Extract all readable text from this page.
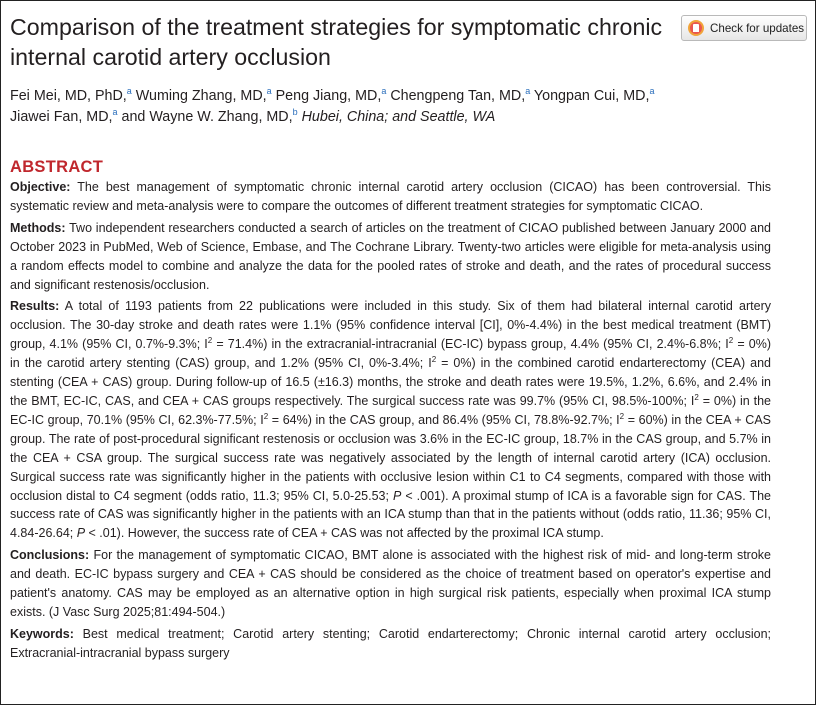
Comparison of the treatment strategies for symptomatic chronic internal carotid artery occlusion
Check for updates
Fei Mei, MD, PhD,$^a$ Wuming Zhang, MD,$^a$ Peng Jiang, MD,$^a$ Chengpeng Tan, MD,$^a$ Yongpan Cui, MD,$^a$
Jiawei Fan, MD,$^a$ and Wayne W. Zhang, MD,$^b$ Hubei, China; and Seattle, WA
ABSTRACT

Objective: The best management of symptomatic chronic internal carotid artery occlusion (CICAO) has been controversial. This systematic review and meta-analysis were to compare the outcomes of different treatment strategies for symptomatic CICAO.

Methods: Two independent researchers conducted a search of articles on the treatment of CICAO published between January 2000 and October 2023 in PubMed, Web of Science, Embase, and The Cochrane Library. Twenty-two articles were eligible for meta-analysis using a random effects model to combine and analyze the data for the pooled rates of stroke and death, and the rates of procedural success and significant restenosis/occlusion.

Results: A total of 1193 patients from 22 publications were included in this study. Six of them had bilateral internal carotid artery occlusion. The 30-day stroke and death rates were 1.1% (95% confidence interval [CI], 0%-4.4%) in the best medical treatment (BMT) group, 4.1% (95% CI, 0.7%-9.3%; $I^2 = 71.4\%$) in the extracranial-intracranial (EC-IC) bypass group, 4.4% (95% CI, 2.4%-6.8%; $I^2 = 0\%$) in the carotid artery stenting (CAS) group, and 1.2% (95% CI, 0%-3.4%; $I^2 = 0\%$) in the combined carotid endarterectomy (CEA) and stenting (CEA + CAS) group. During follow-up of 16.5 (±16.3) months, the stroke and death rates were 19.5%, 1.2%, 6.6%, and 2.4% in the BMT, EC-IC, CAS, and CEA + CAS groups respectively. The surgical success rate was 99.7% (95% CI, 98.5%-100%; $I^2 = 0\%$) in the EC-IC group, 70.1% (95% CI, 62.3%-77.5%; $I^2 = 64\%$) in the CAS group, and 86.4% (95% CI, 78.8%-92.7%; $I^2 = 60\%$) in the CEA + CAS group. The rate of post-procedural significant restenosis or occlusion was 3.6% in the EC-IC group, 18.7% in the CAS group, and 5.7% in the CEA + CSA group. The surgical success rate was negatively associated by the length of internal carotid artery (ICA) occlusion. Surgical success rate was significantly higher in the patients with occlusive lesion within C1 to C4 segments, compared with those with occlusion distal to C4 segment (odds ratio, 11.3; 95% CI, 5.0-25.53; P < .001). A proximal stump of ICA is a favorable sign for CAS. The success rate of CAS was significantly higher in the patients with an ICA stump than that in the patients without (odds ratio, 11.36; 95% CI, 4.84-26.64; P < .01). However, the success rate of CEA + CAS was not affected by the proximal ICA stump.

Conclusions: For the management of symptomatic CICAO, BMT alone is associated with the highest risk of mid- and long-term stroke and death. EC-IC bypass surgery and CEA + CAS should be considered as the choice of treatment based on operator's expertise and patient's anatomy. CAS may be employed as an alternative option in high surgical risk patients, especially when proximal ICA stump exists. (J Vasc Surg 2025;81:494-504.)

Keywords: Best medical treatment; Carotid artery stenting; Carotid endarterectomy; Chronic internal carotid artery occlusion; Extracranial-intracranial bypass surgery
